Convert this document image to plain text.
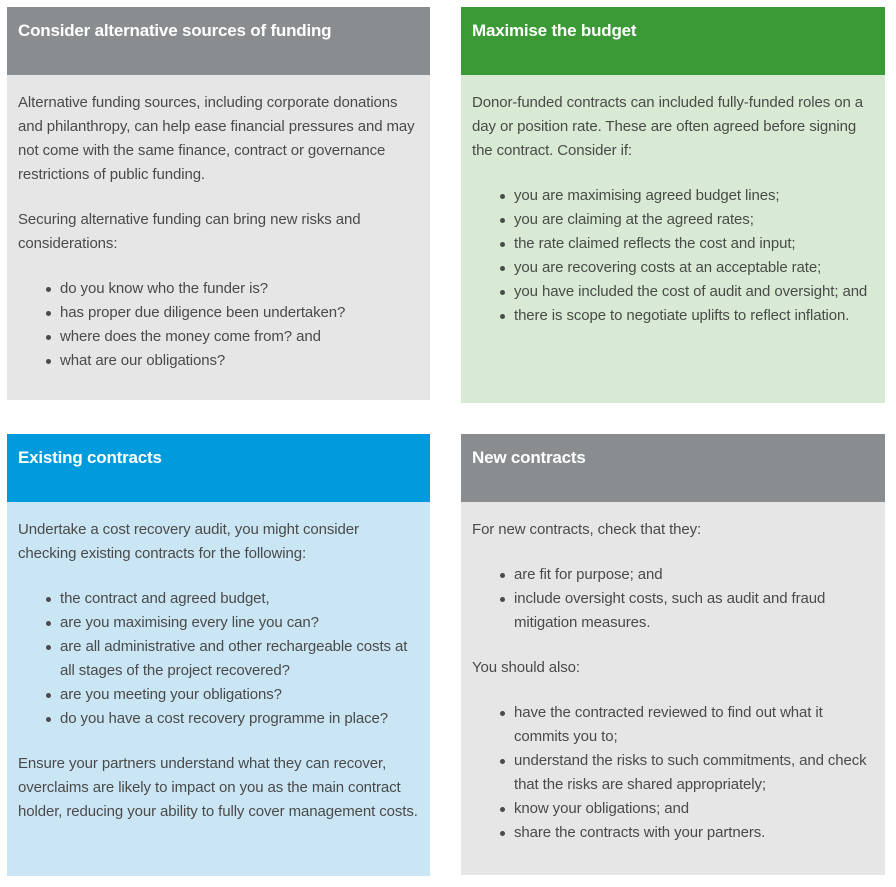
Consider alternative sources of funding

Alternative funding sources, including corporate donations and philanthropy, can help ease financial pressures and may not come with the same finance, contract or governance restrictions of public funding.

Securing alternative funding can bring new risks and considerations:

do you know who the funder is?
has proper due diligence been undertaken?
where does the money come from? and
what are our obligations?
Maximise the budget

Donor-funded contracts can included fully-funded roles on a day or position rate. These are often agreed before signing the contract. Consider if:

you are maximising agreed budget lines;
you are claiming at the agreed rates;
the rate claimed reflects the cost and input;
you are recovering costs at an acceptable rate;
you have included the cost of audit and oversight; and
there is scope to negotiate uplifts to reflect inflation.
Existing contracts

Undertake a cost recovery audit, you might consider checking existing contracts for the following:

the contract and agreed budget,
are you maximising every line you can?
are all administrative and other rechargeable costs at all stages of the project recovered?
are you meeting your obligations?
do you have a cost recovery programme in place?

Ensure your partners understand what they can recover, overclaims are likely to impact on you as the main contract holder, reducing your ability to fully cover management costs.

New contracts

For new contracts, check that they:

are fit for purpose; and
include oversight costs, such as audit and fraud mitigation measures.

You should also:

have the contracted reviewed to find out what it commits you to;
understand the risks to such commitments, and check that the risks are shared appropriately;
know your obligations; and
share the contracts with your partners.
